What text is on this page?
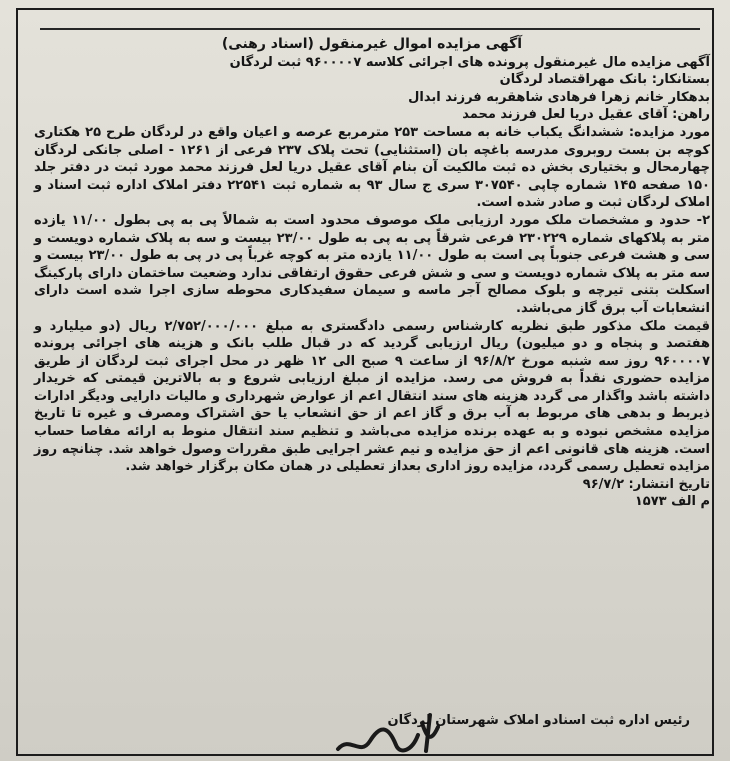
آگهی مزایده اموال غیرمنقول (اسناد رهنی)
آگهی مزایده مال غیرمنقول پرونده های اجرائی کلاسه ۹۶۰۰۰۰۷ ثبت لردگان
بستانکار: بانک مهراقتصاد لردگان
بدهکار خانم زهرا فرهادی شاهقربه فرزند ابدال
راهن: آقای عقیل دریا لعل فرزند محمد
مورد مزایده: ششدانگ یکباب خانه به مساحت ۲۵۳ مترمربع عرصه و اعیان واقع در لردگان طرح ۲۵ هکتاری کوچه بن بست روبروی مدرسه باغچه بان (استثنایی) تحت پلاک ۲۳۷ فرعی از ۱۲۶۱ - اصلی جانکی لردگان چهارمحال و بختیاری بخش ده ثبت مالکیت آن بنام آقای عقیل دریا لعل فرزند محمد مورد ثبت در دفتر جلد ۱۵۰ صفحه ۱۴۵ شماره چاپی ۳۰۷۵۴۰ سری ج سال ۹۳ به شماره ثبت ۲۲۵۴۱ دفتر املاک اداره ثبت اسناد و املاک لردگان ثبت و صادر شده است.
۲- حدود و مشخصات ملک مورد ارزیابی ملک موصوف محدود است به شمالاً پی به پی بطول ۱۱/۰۰ یازده متر به پلاکهای شماره ۲۳۰۲۲۹ فرعی شرقاً پی به پی به طول ۲۳/۰۰ بیست و سه به پلاک شماره دویست و سی و هشت فرعی جنوباً پی است به طول ۱۱/۰۰ یازده متر به کوچه غرباً پی در پی به طول ۲۳/۰۰ بیست و سه متر به پلاک شماره دویست و سی و شش فرعی حقوق ارتفاقی ندارد وضعیت ساختمان دارای پارکینگ اسکلت بتنی تیرچه و بلوک مصالح آجر ماسه و سیمان سفیدکاری محوطه سازی اجرا شده است دارای انشعابات آب برق گاز می‌باشد.
قیمت ملک مذکور طبق نظریه کارشناس رسمی دادگستری به مبلغ ۲/۷۵۲/۰۰۰/۰۰۰ ریال (دو میلیارد و هفتصد و پنجاه و دو میلیون) ریال ارزیابی گردید که در قبال طلب بانک و هزینه های اجرائی پرونده ۹۶۰۰۰۰۷ روز سه شنبه مورخ ۹۶/۸/۲ از ساعت ۹ صبح الی ۱۲ ظهر در محل اجرای ثبت لردگان از طریق مزایده حضوری نقداً به فروش می رسد. مزایده از مبلغ ارزیابی شروع و به بالاترین قیمتی که خریدار داشته باشد واگذار می گردد هزینه های سند انتقال اعم از عوارض شهرداری و مالیات دارایی ودیگر ادارات ذیربط و بدهی های مربوط به آب برق و گاز اعم از حق انشعاب یا حق اشتراک ومصرف و غیره تا تاریخ مزایده مشخص نبوده و به عهده برنده مزایده می‌باشد و تنظیم سند انتقال منوط به ارائه مفاصا حساب است. هزینه های قانونی اعم از حق مزایده و نیم عشر اجرایی طبق مقررات وصول خواهد شد. چنانچه روز مزایده تعطیل رسمی گردد، مزایده روز اداری بعداز تعطیلی در همان مکان برگزار خواهد شد.
تاریخ انتشار: ۹۶/۷/۲
م الف ۱۵۷۳
رئیس اداره ثبت اسنادو املاک شهرستان لردگان
